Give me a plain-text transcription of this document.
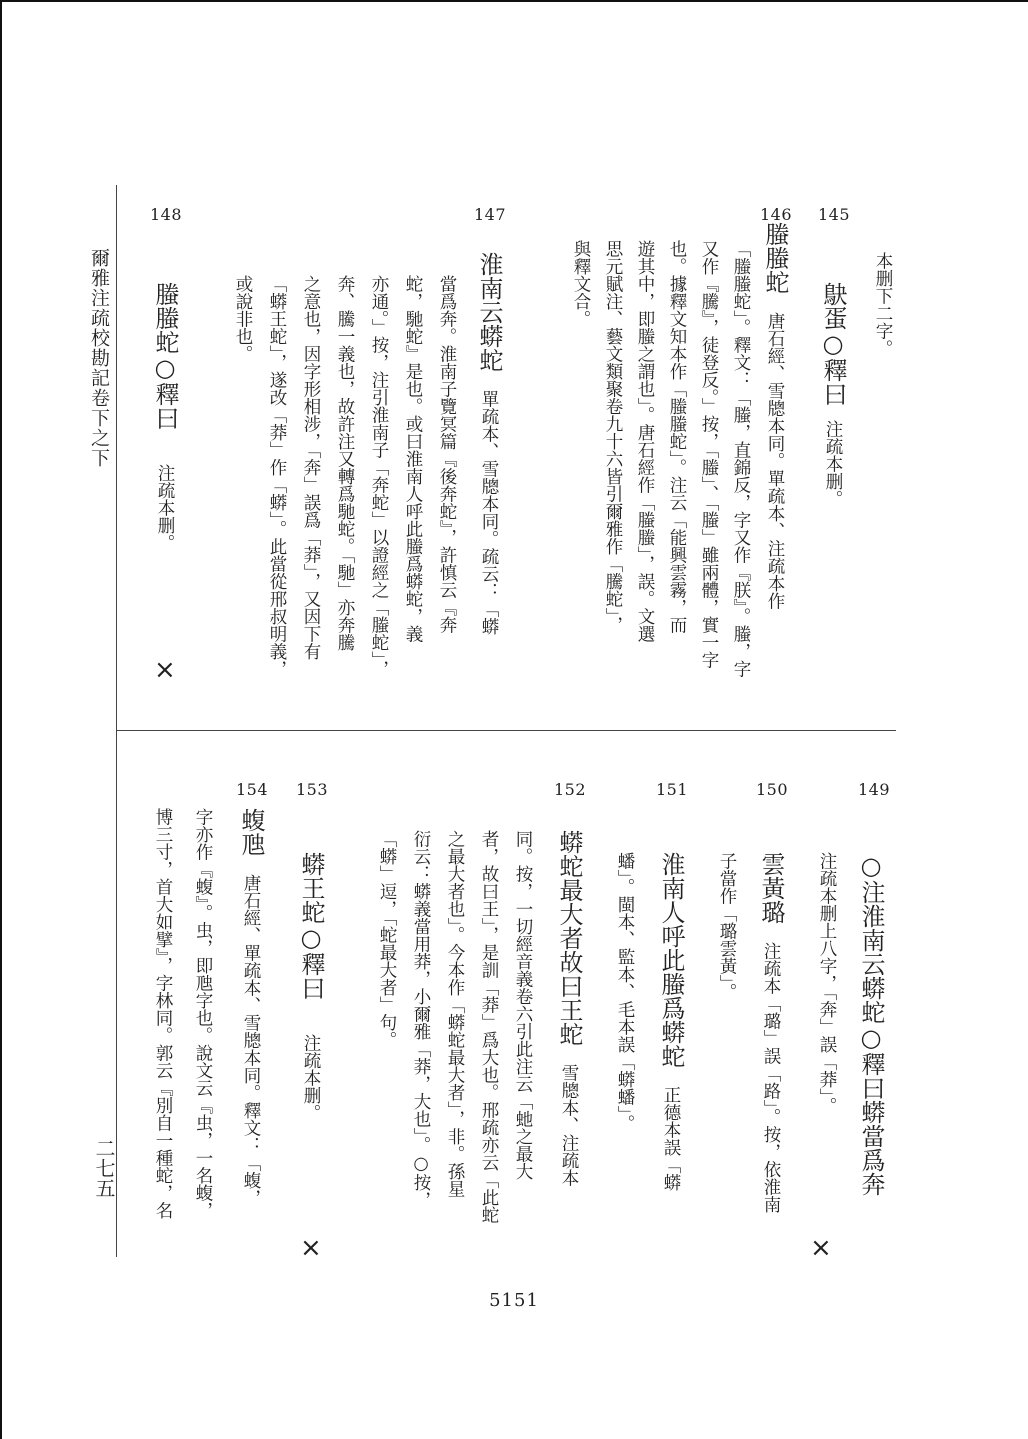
爾雅注疏校勘記卷下之下
二七五
本删下二字。
145
鴃蛋○釋曰注疏本删。
146
螣螣蛇唐石經、雪牕本同。單疏本、注疏本作
「螣螣蛇」。釋文：「螣，直錦反，字又作『朕』。螣，字
又作『騰』，徒登反。」按，「螣」、「螣」雖兩體，實一字
也。據釋文知本作「螣螣蛇」。注云「能興雲霧，而
遊其中，即螣之謂也」。唐石經作「螣螣」，誤。文選
思元賦注、藝文類聚卷九十六皆引爾雅作「騰蛇」，
與釋文合。
147
淮南云蟒蛇單疏本、雪牕本同。疏云：「蟒
當爲奔。淮南子覽冥篇『後奔蛇』，許慎云『奔
蛇，馳蛇』是也。或曰淮南人呼此螣爲蟒蛇，義
亦通。」按，注引淮南子「奔蛇」以證經之「螣蛇」，
奔、騰一義也，故許注又轉爲馳蛇。「馳」亦奔騰
之意也，因字形相涉，「奔」誤爲「莽」，又因下有
「蟒王蛇」，遂改「莽」作「蟒」。此當從邢叔明義，
或說非也。
148
螣螣蛇○釋曰注疏本删。
×
149
○注淮南云蟒蛇○釋曰蟒當爲奔
注疏本删上八字，「奔」誤「莽」。
×
150
雲黃璐注疏本「璐」誤「路」。按，依淮南
子當作「璐雲黃」。
151
淮南人呼此螣爲蟒蛇正德本誤「蟒
蟠」。閩本、監本、毛本誤「蟒蟠」。
152
蟒蛇最大者故曰王蛇雪牕本、注疏本
同。按，一切經音義卷六引此注云「虵之最大
者，故曰王」，是訓「莽」爲大也。邢疏亦云「此蛇
之最大者也」。今本作「蟒蛇最大者」，非。孫星
衍云：蟒義當用莽，小爾雅「莽，大也」。○按，
「蟒」逗，「蛇最大者」句。
153
蟒王蛇○釋曰注疏本删。
×
154
蝮虺唐石經、單疏本、雪牕本同。釋文：「蝮，
字亦作『蝮』。虫，即虺字也。說文云『虫，一名蝮，
博三寸，首大如擘』，字林同。郭云『別自一種蛇，名
5151
